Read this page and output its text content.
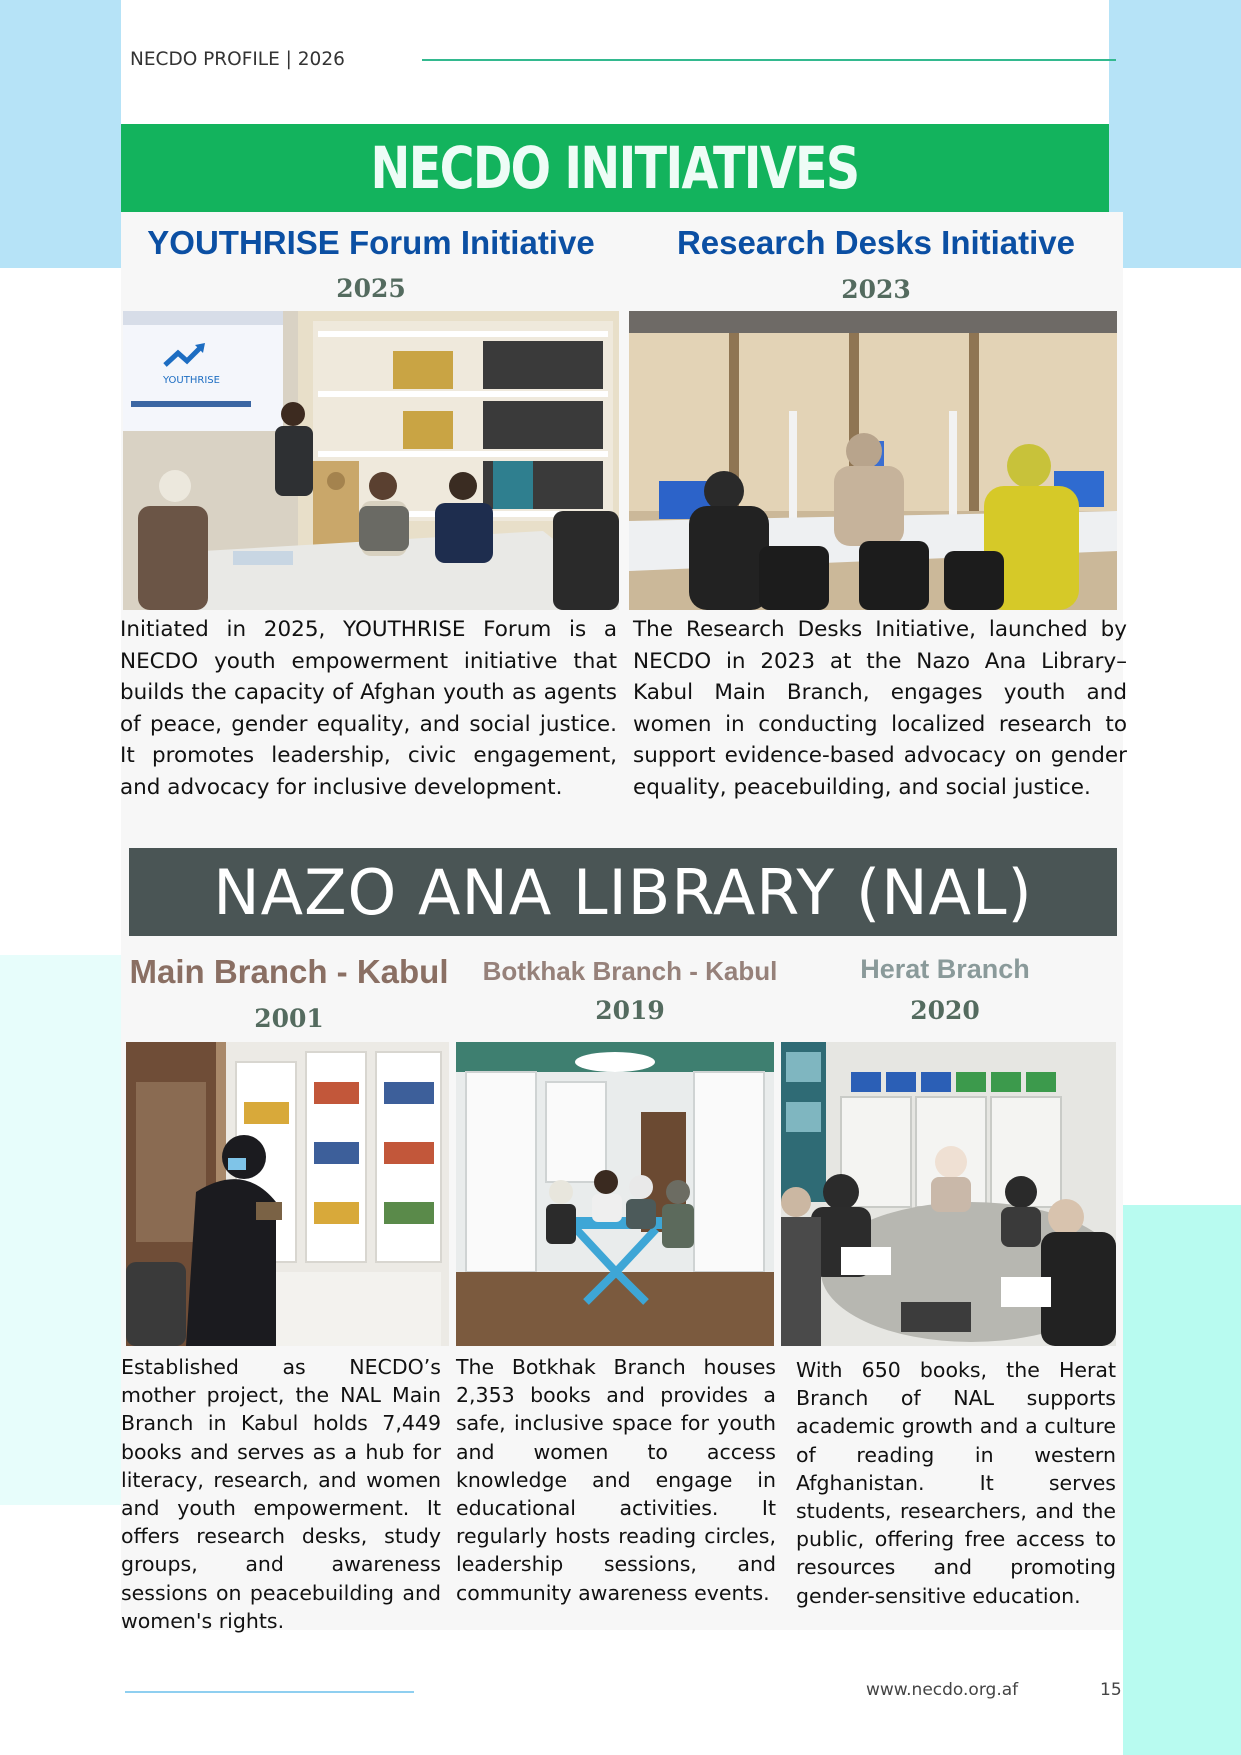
NECDO PROFILE | 2026
NECDO INITIATIVES
YOUTHRISE Forum Initiative
2025
Research Desks Initiative
2023
YOUTHRISE

Initiated in 2025, YOUTHRISE Forum is a NECDO youth empowerment initiative that builds the capacity of Afghan youth as agents of peace, gender equality, and social justice. It promotes leadership, civic engagement, and advocacy for inclusive development.

The Research Desks Initiative, launched by NECDO in 2023 at the Nazo Ana Library–Kabul Main Branch, engages youth and women in conducting localized research to support evidence-based advocacy on gender equality, peacebuilding, and social justice.

NAZO ANA LIBRARY (NAL)
Main Branch - Kabul
2001
Botkhak Branch - Kabul
2019
Herat Branch
2020

Established as NECDO’s mother project, the NAL Main Branch in Kabul holds 7,449 books and serves as a hub for literacy, research, and women and youth empowerment. It offers research desks, study groups, and awareness sessions on peacebuilding and women's rights.

The Botkhak Branch houses 2,353 books and provides a safe, inclusive space for youth and women to access knowledge and engage in educational activities. It regularly hosts reading circles, leadership sessions, and community awareness events.

With 650 books, the Herat Branch of NAL supports academic growth and a culture of reading in western Afghanistan. It serves students, researchers, and the public, offering free access to resources and promoting gender-sensitive education.

www.necdo.org.af	15
